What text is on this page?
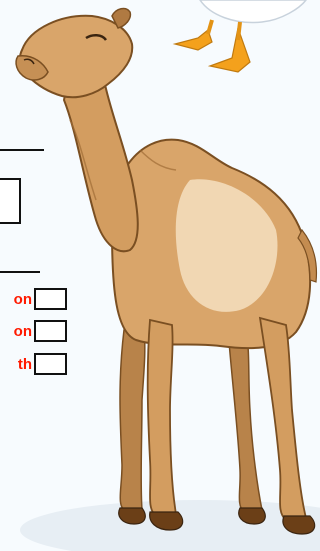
on
on
th
